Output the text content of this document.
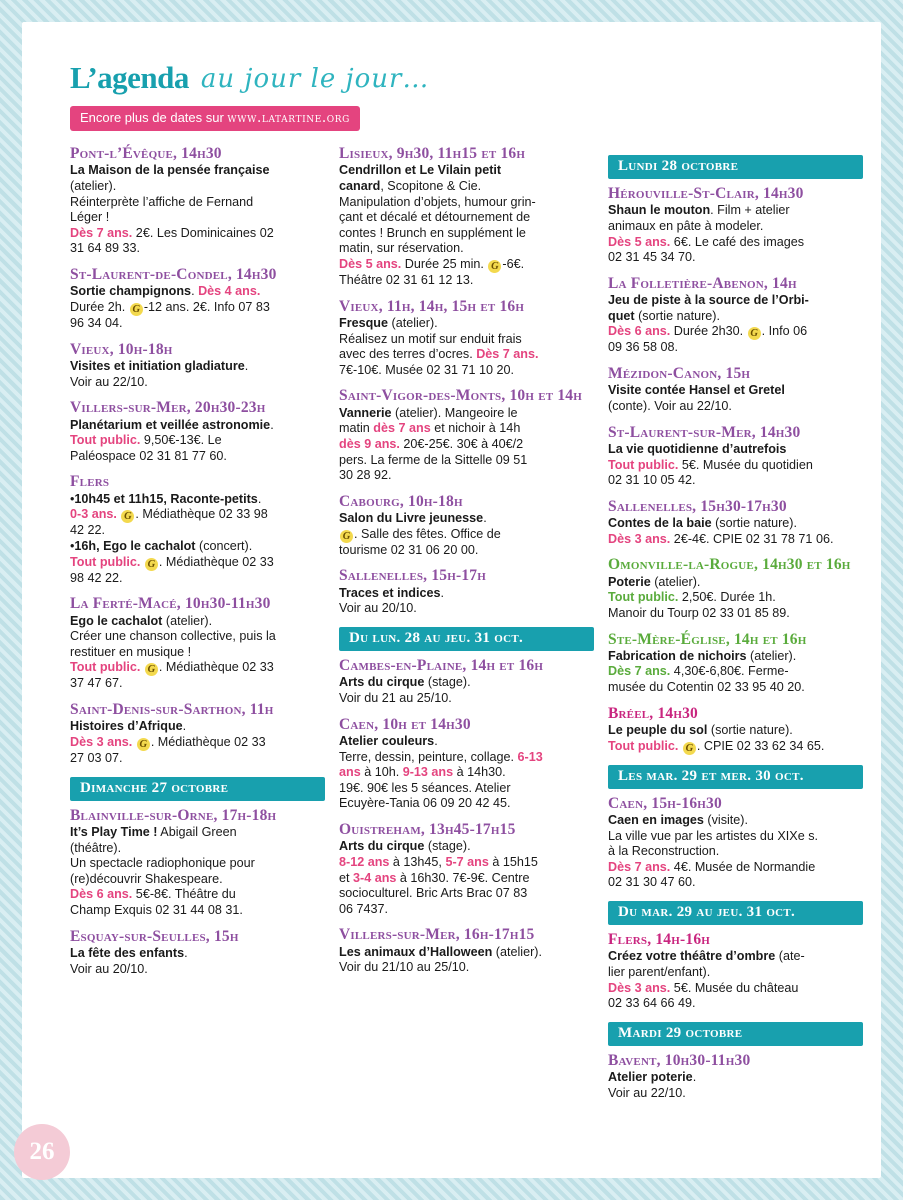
L’agenda au jour le jour…
Encore plus de dates sur www.latartine.org
Pont-l’Évêque, 14h30
La Maison de la pensée française
(atelier).
Réinterprète l’affiche de Fernand
Léger !
Dès 7 ans. 2€. Les Dominicaines 02
31 64 89 33.
St-Laurent-de-Condel, 14h30
Sortie champignons. Dès 4 ans.
Durée 2h. G -12 ans. 2€. Info 07 83
96 34 04.
Vieux, 10h-18h
Visites et initiation gladiature.
Voir au 22/10.
Villers-sur-Mer, 20h30-23h
Planétarium et veillée astronomie.
Tout public. 9,50€-13€. Le
Paléospace 02 31 81 77 60.
Flers
•10h45 et 11h15, Raconte-petits.
0-3 ans. G . Médiathèque 02 33 98
42 22.
•16h, Ego le cachalot (concert).
Tout public. G . Médiathèque 02 33
98 42 22.
La Ferté-Macé, 10h30-11h30
Ego le cachalot (atelier).
Créer une chanson collective, puis la
restituer en musique !
Tout public. G . Médiathèque 02 33
37 47 67.
Saint-Denis-sur-Sarthon, 11h
Histoires d’Afrique.
Dès 3 ans. G . Médiathèque 02 33
27 03 07.
Dimanche 27 octobre
Blainville-sur-Orne, 17h-18h
It’s Play Time ! Abigail Green
(théâtre).
Un spectacle radiophonique pour
(re)découvrir Shakespeare.
Dès 6 ans. 5€-8€. Théâtre du
Champ Exquis 02 31 44 08 31.
Esquay-sur-Seulles, 15h
La fête des enfants.
Voir au 20/10.
Lisieux, 9h30, 11h15 et 16h
Cendrillon et Le Vilain petit
canard, Scopitone & Cie.
Manipulation d’objets, humour grin-
çant et décalé et détournement de
contes ! Brunch en supplément le
matin, sur réservation.
Dès 5 ans. Durée 25 min. G -6€.
Théâtre 02 31 61 12 13.
Vieux, 11h, 14h, 15h et 16h
Fresque (atelier).
Réalisez un motif sur enduit frais
avec des terres d’ocres. Dès 7 ans.
7€-10€. Musée 02 31 71 10 20.
Saint-Vigor-des-Monts, 10h et 14h
Vannerie (atelier). Mangeoire le
matin dès 7 ans et nichoir à 14h
dès 9 ans. 20€-25€. 30€ à 40€/2
pers. La ferme de la Sittelle 09 51
30 28 92.
Cabourg, 10h-18h
Salon du Livre jeunesse.
G . Salle des fêtes. Office de
tourisme 02 31 06 20 00.
Sallenelles, 15h-17h
Traces et indices.
Voir au 20/10.
Du lun. 28 au jeu. 31 oct.
Cambes-en-Plaine, 14h et 16h
Arts du cirque (stage).
Voir du 21 au 25/10.
Caen, 10h et 14h30
Atelier couleurs.
Terre, dessin, peinture, collage. 6-13
ans à 10h. 9-13 ans à 14h30.
19€. 90€ les 5 séances. Atelier
Ecuyère-Tania 06 09 20 42 45.
Ouistreham, 13h45-17h15
Arts du cirque (stage).
8-12 ans à 13h45, 5-7 ans à 15h15
et 3-4 ans à 16h30. 7€-9€. Centre
socioculturel. Bric Arts Brac 07 83
06 7437.
Villers-sur-Mer, 16h-17h15
Les animaux d’Halloween (atelier).
Voir du 21/10 au 25/10.
Lundi 28 octobre
Hérouville-St-Clair, 14h30
Shaun le mouton. Film + atelier
animaux en pâte à modeler.
Dès 5 ans. 6€. Le café des images
02 31 45 34 70.
La Folletière-Abenon, 14h
Jeu de piste à la source de l’Orbi-
quet (sortie nature).
Dès 6 ans. Durée 2h30. G . Info 06
09 36 58 08.
Mézidon-Canon, 15h
Visite contée Hansel et Gretel
(conte). Voir au 22/10.
St-Laurent-sur-Mer, 14h30
La vie quotidienne d’autrefois
Tout public. 5€. Musée du quotidien
02 31 10 05 42.
Sallenelles, 15h30-17h30
Contes de la baie (sortie nature).
Dès 3 ans. 2€-4€. CPIE 02 31 78 71 06.
Omonville-la-Rogue, 14h30 et 16h
Poterie (atelier).
Tout public. 2,50€. Durée 1h.
Manoir du Tourp 02 33 01 85 89.
Ste-Mère-Église, 14h et 16h
Fabrication de nichoirs (atelier).
Dès 7 ans. 4,30€-6,80€. Ferme-
musée du Cotentin 02 33 95 40 20.
Bréel, 14h30
Le peuple du sol (sortie nature).
Tout public. G . CPIE 02 33 62 34 65.
Les mar. 29 et mer. 30 oct.
Caen, 15h-16h30
Caen en images (visite).
La ville vue par les artistes du XIXe s.
à la Reconstruction.
Dès 7 ans. 4€. Musée de Normandie
02 31 30 47 60.
Du mar. 29 au jeu. 31 oct.
Flers, 14h-16h
Créez votre théâtre d’ombre (ate-
lier parent/enfant).
Dès 3 ans. 5€. Musée du château
02 33 64 66 49.
Mardi 29 octobre
Bavent, 10h30-11h30
Atelier poterie.
Voir au 22/10.
26
